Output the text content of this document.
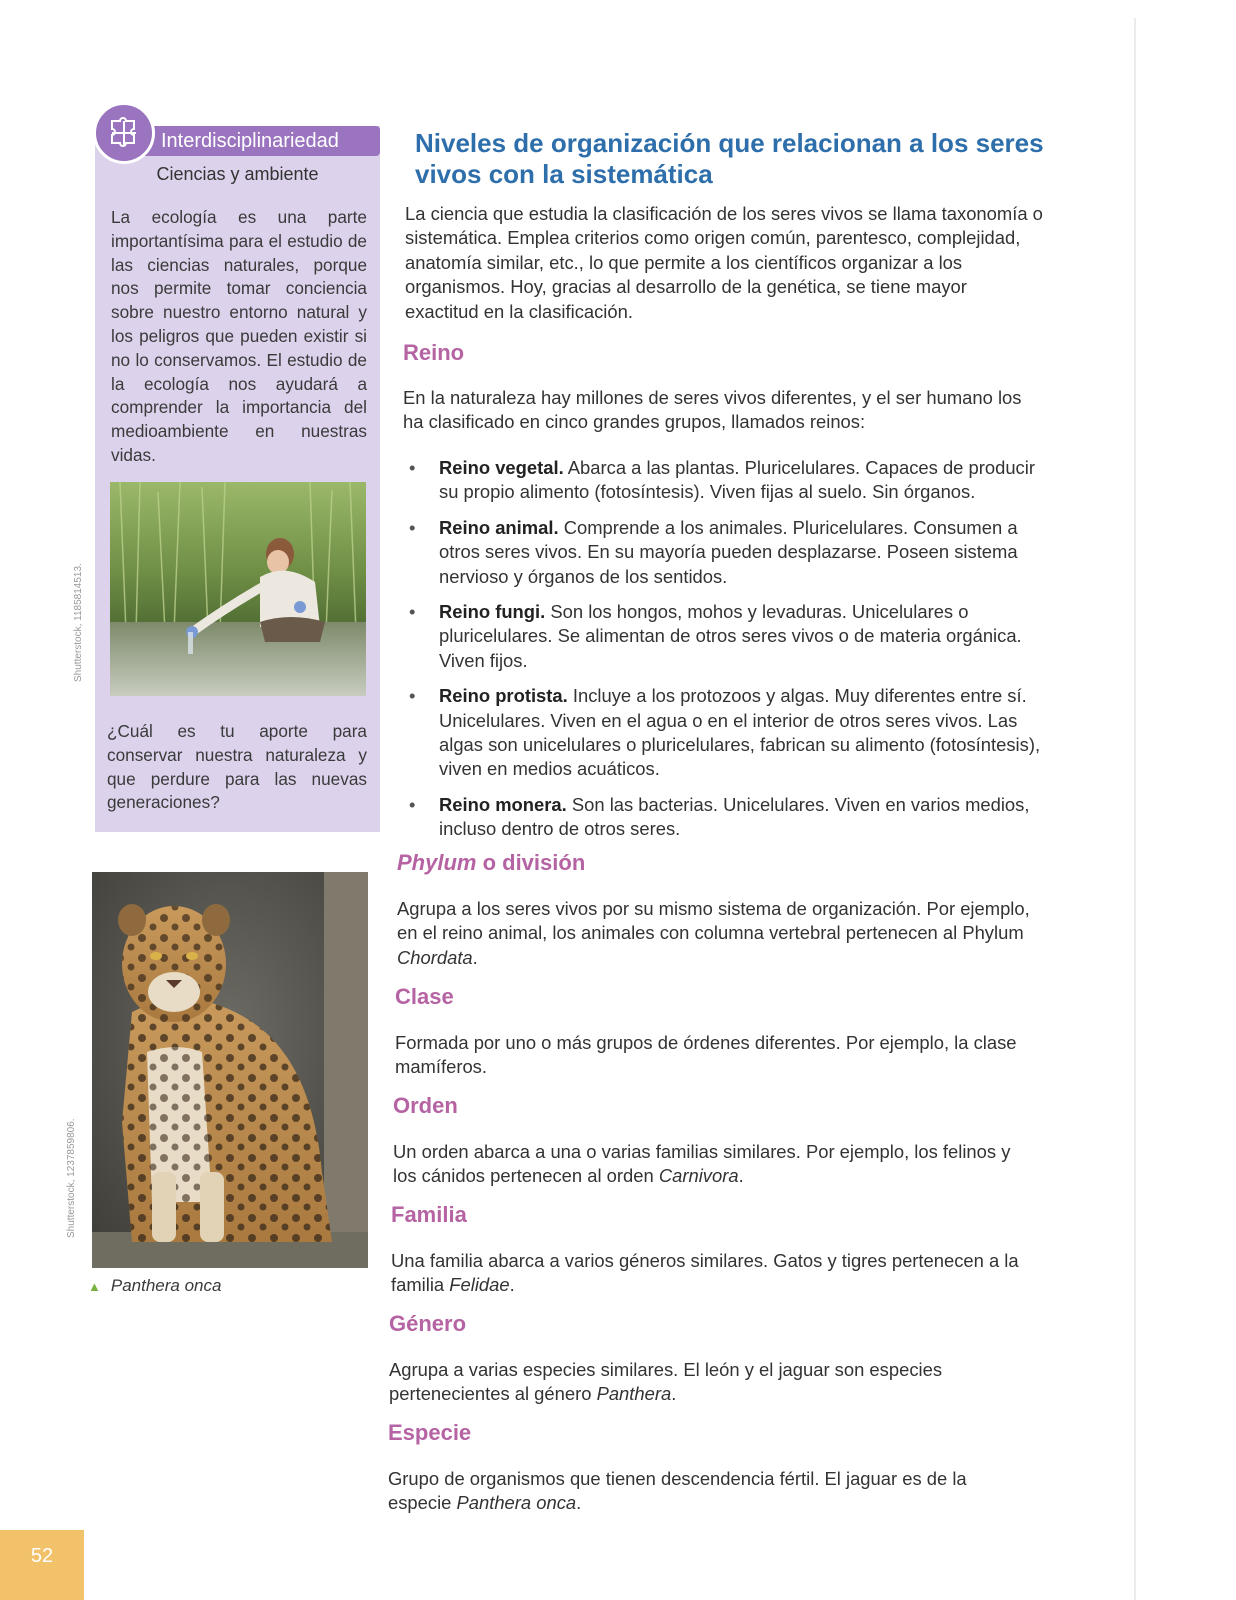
Interdisciplinariedad
Ciencias y ambiente

La ecología es una parte importantísima para el estudio de las ciencias naturales, porque nos permite tomar conciencia sobre nuestro entorno natural y los peligros que pueden existir si no lo conservamos. El estudio de la ecología nos ayudará a comprender la importancia del medioambiente en nuestras vidas.

¿Cuál es tu aporte para conservar nuestra naturaleza y que perdure para las nuevas generaciones?

Shutterstock, 1185814513.
Shutterstock, 1237859806.
▲ Panthera onca
Niveles de organización que relacionan a los seres vivos con la sistemática

La ciencia que estudia la clasificación de los seres vivos se llama taxonomía o sistemática. Emplea criterios como origen común, parentesco, complejidad, anatomía similar, etc., lo que permite a los científicos organizar a los organismos. Hoy, gracias al desarrollo de la genética, se tiene mayor exactitud en la clasificación.

Reino

En la naturaleza hay millones de seres vivos diferentes, y el ser humano los ha clasificado en cinco grandes grupos, llamados reinos:

• Reino vegetal. Abarca a las plantas. Pluricelulares. Capaces de producir su propio alimento (fotosíntesis). Viven fijas al suelo. Sin órganos.
• Reino animal. Comprende a los animales. Pluricelulares. Consumen a otros seres vivos. En su mayoría pueden desplazarse. Poseen sistema nervioso y órganos de los sentidos.
• Reino fungi. Son los hongos, mohos y levaduras. Unicelulares o pluricelulares. Se alimentan de otros seres vivos o de materia orgánica. Viven fijos.
• Reino protista. Incluye a los protozoos y algas. Muy diferentes entre sí. Unicelulares. Viven en el agua o en el interior de otros seres vivos. Las algas son unicelulares o pluricelulares, fabrican su alimento (fotosíntesis), viven en medios acuáticos.
• Reino monera. Son las bacterias. Unicelulares. Viven en varios medios, incluso dentro de otros seres.
Phylum o división

Agrupa a los seres vivos por su mismo sistema de organización. Por ejemplo, en el reino animal, los animales con columna vertebral pertenecen al Phylum Chordata.

Clase

Formada por uno o más grupos de órdenes diferentes. Por ejemplo, la clase mamíferos.

Orden

Un orden abarca a una o varias familias similares. Por ejemplo, los felinos y los cánidos pertenecen al orden Carnivora.

Familia

Una familia abarca a varios géneros similares. Gatos y tigres pertenecen a la familia Felidae.

Género

Agrupa a varias especies similares. El león y el jaguar son especies pertenecientes al género Panthera.

Especie

Grupo de organismos que tienen descendencia fértil. El jaguar es de la especie Panthera onca.

52
